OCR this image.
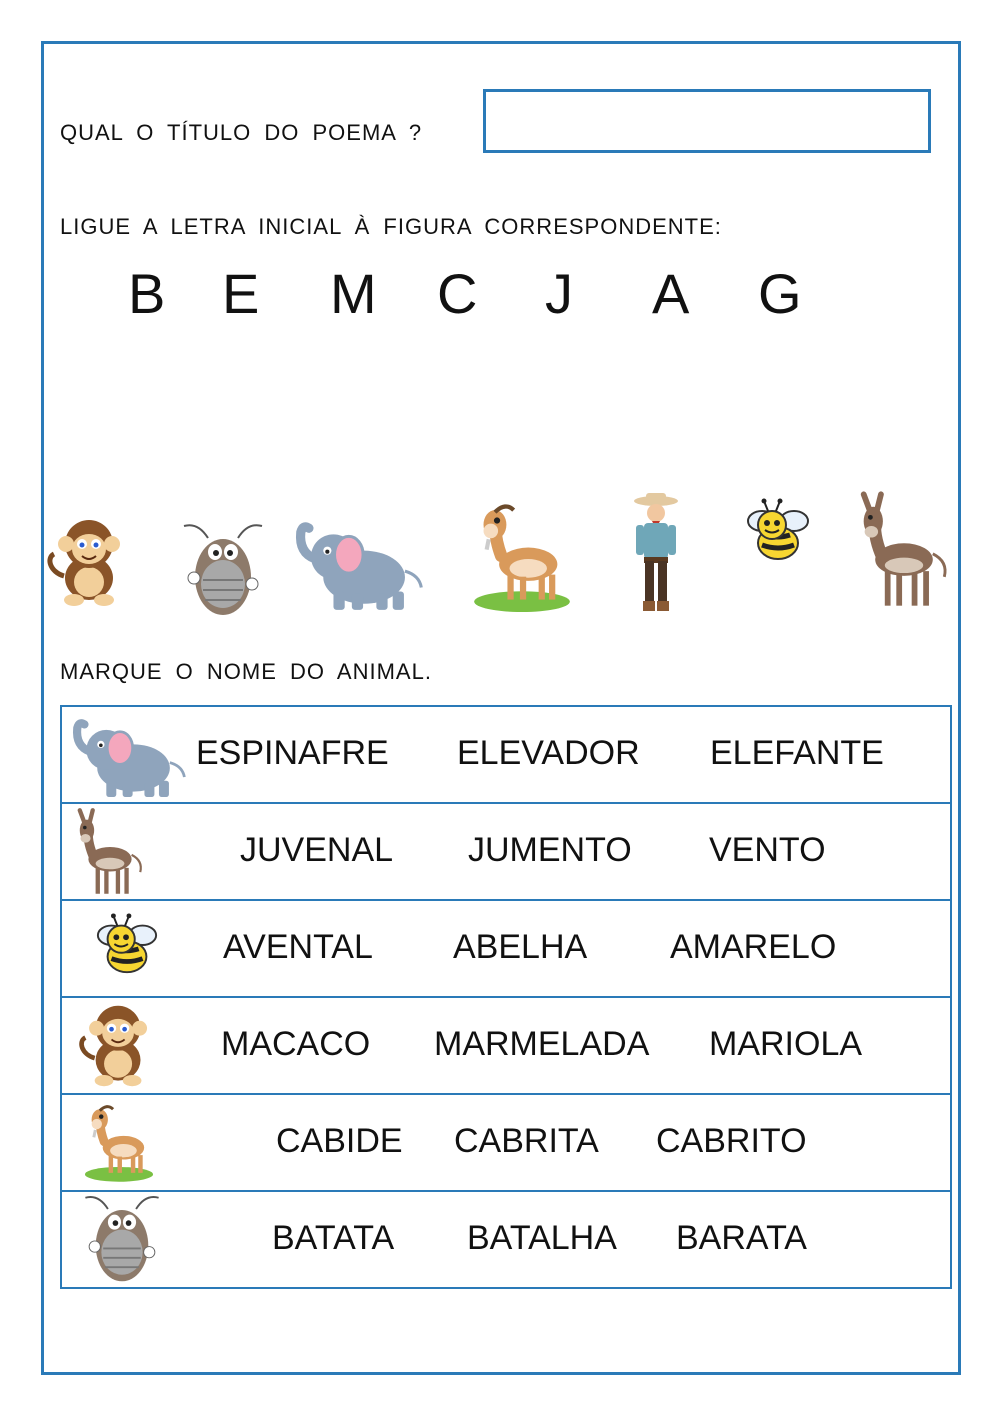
QUAL O TÍTULO DO POEMA ?
LIGUE A LETRA INICIAL À FIGURA CORRESPONDENTE:
B E M C J A G
MARQUE O NOME DO ANIMAL.
ESPINAFRE ELEVADOR ELEFANTE
JUVENAL JUMENTO VENTO
AVENTAL ABELHA AMARELO
MACACO MARMELADA MARIOLA
CABIDE CABRITA CABRITO
BATATA BATALHA BARATA
